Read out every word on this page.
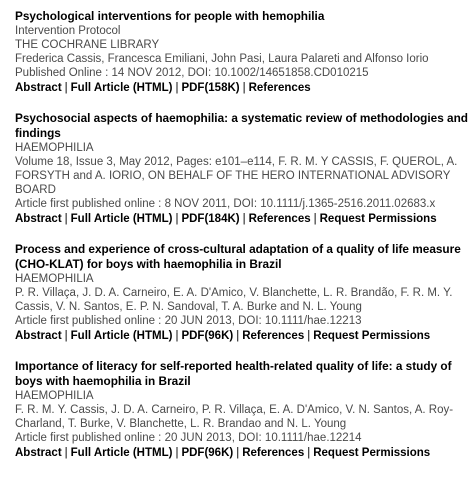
Psychological interventions for people with hemophilia
Intervention Protocol
THE COCHRANE LIBRARY
Frederica Cassis, Francesca Emiliani, John Pasi, Laura Palareti and Alfonso Iorio
Published Online : 14 NOV 2012, DOI: 10.1002/14651858.CD010215
Abstract | Full Article (HTML) | PDF(158K) | References
Psychosocial aspects of haemophilia: a systematic review of methodologies and findings
HAEMOPHILIA
Volume 18, Issue 3, May 2012, Pages: e101–e114, F. R. M. Y CASSIS, F. QUEROL, A. FORSYTH and A. IORIO, ON BEHALF OF THE HERO INTERNATIONAL ADVISORY BOARD
Article first published online : 8 NOV 2011, DOI: 10.1111/j.1365-2516.2011.02683.x
Abstract | Full Article (HTML) | PDF(184K) | References | Request Permissions
Process and experience of cross-cultural adaptation of a quality of life measure (CHO-KLAT) for boys with haemophilia in Brazil
HAEMOPHILIA
P. R. Villaça, J. D. A. Carneiro, E. A. D'Amico, V. Blanchette, L. R. Brandão, F. R. M. Y. Cassis, V. N. Santos, E. P. N. Sandoval, T. A. Burke and N. L. Young
Article first published online : 20 JUN 2013, DOI: 10.1111/hae.12213
Abstract | Full Article (HTML) | PDF(96K) | References | Request Permissions
Importance of literacy for self-reported health-related quality of life: a study of boys with haemophilia in Brazil
HAEMOPHILIA
F. R. M. Y. Cassis, J. D. A. Carneiro, P. R. Villaça, E. A. D'Amico, V. N. Santos, A. Roy-Charland, T. Burke, V. Blanchette, L. R. Brandao and N. L. Young
Article first published online : 20 JUN 2013, DOI: 10.1111/hae.12214
Abstract | Full Article (HTML) | PDF(96K) | References | Request Permissions
